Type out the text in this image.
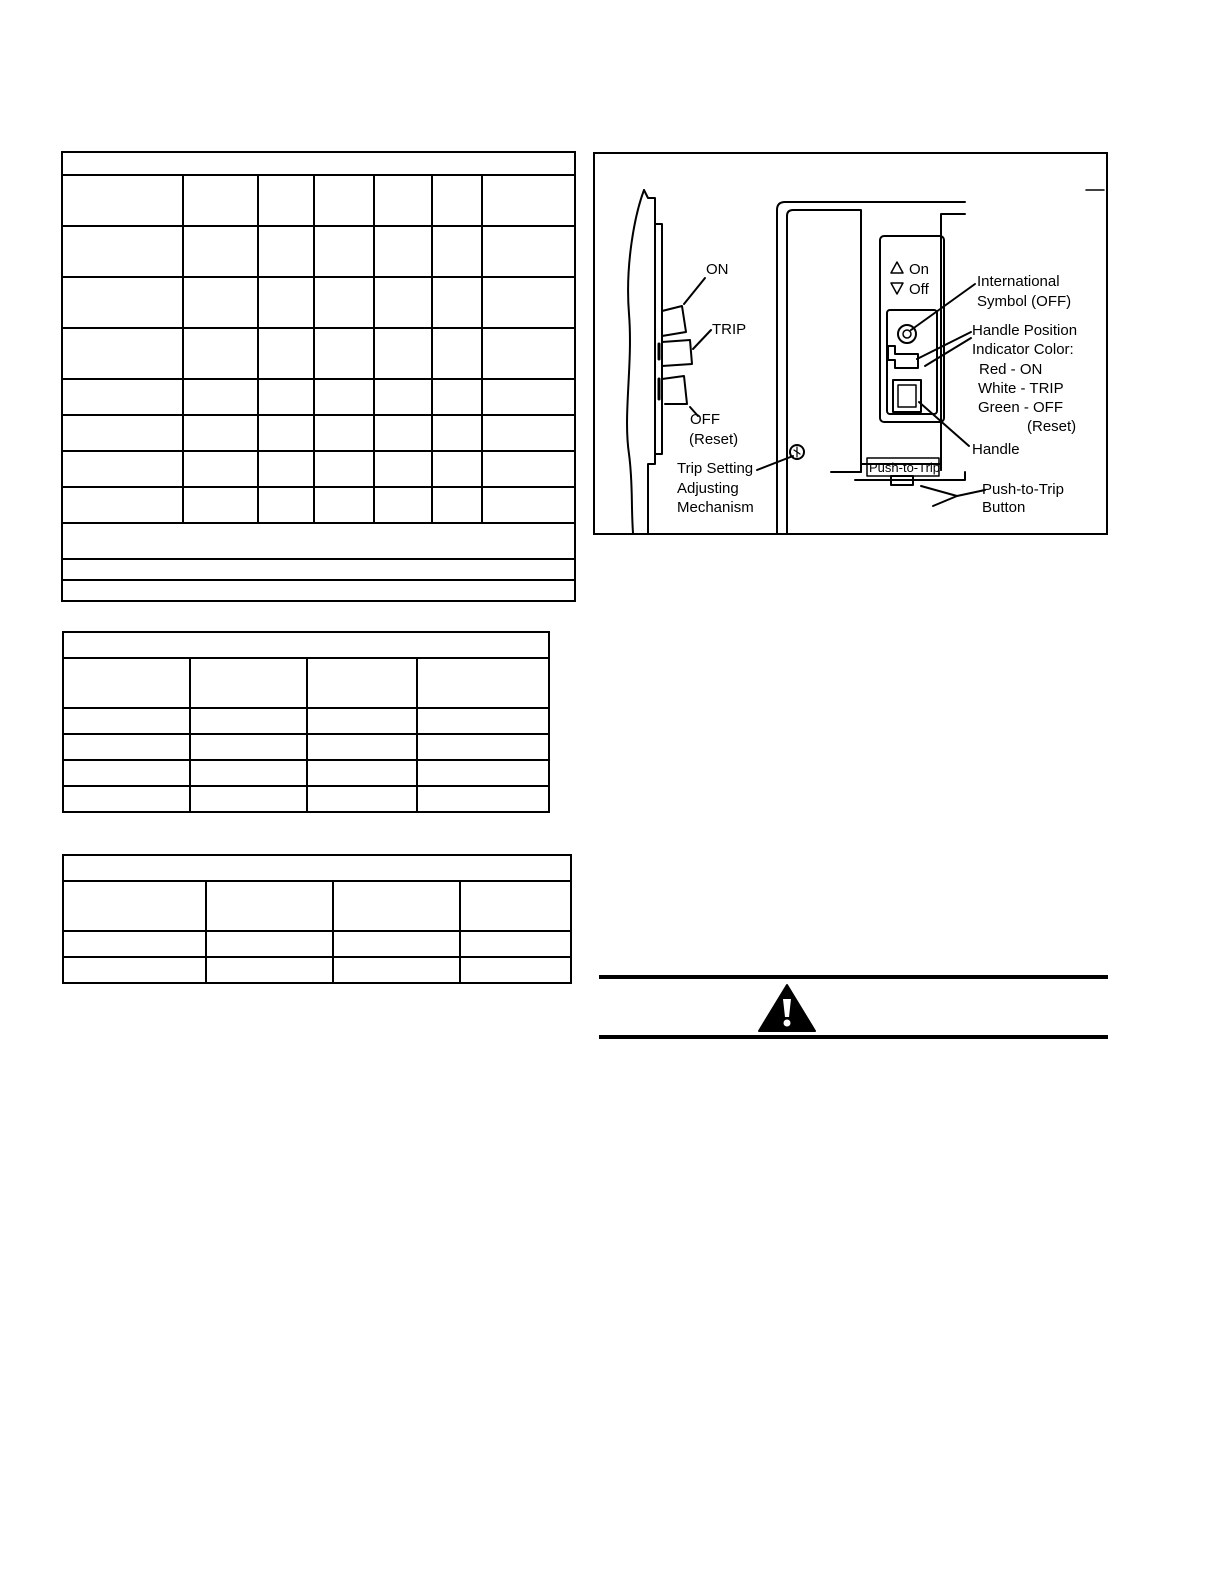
ON
TRIP
OFF
(Reset)
On
Off
Push-to-Trip
International
Symbol (OFF)
Handle Position
Indicator Color:
Red - ON
White - TRIP
Green - OFF
(Reset)
Handle
Trip Setting
Adjusting
Mechanism
Push-to-Trip
Button
